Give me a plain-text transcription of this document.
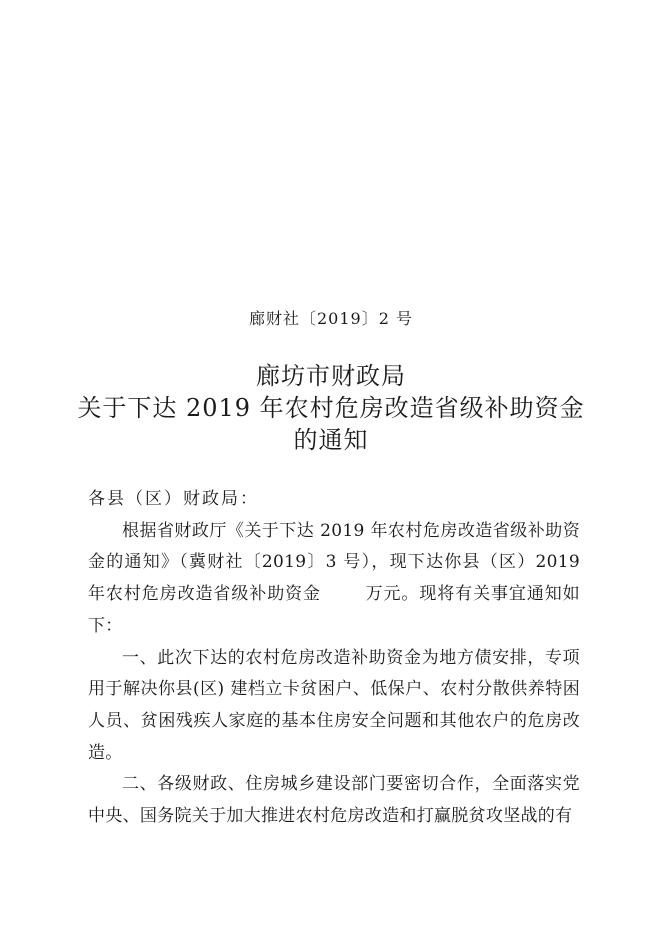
廊财社〔2019〕2 号
廊坊市财政局
关于下达 2019 年农村危房改造省级补助资金
的通知

各县（区）财政局：

根据省财政厅《关于下达 2019 年农村危房改造省级补助资金的通知》（冀财社〔2019〕3 号），现下达你县（区）2019 年农村危房改造省级补助资金	万元。现将有关事宜通知如下：

一、此次下达的农村危房改造补助资金为地方债安排，专项用于解决你县(区) 建档立卡贫困户、低保户、农村分散供养特困人员、贫困残疾人家庭的基本住房安全问题和其他农户的危房改造。

二、各级财政、住房城乡建设部门要密切合作，全面落实党中央、国务院关于加大推进农村危房改造和打赢脱贫攻坚战的有
